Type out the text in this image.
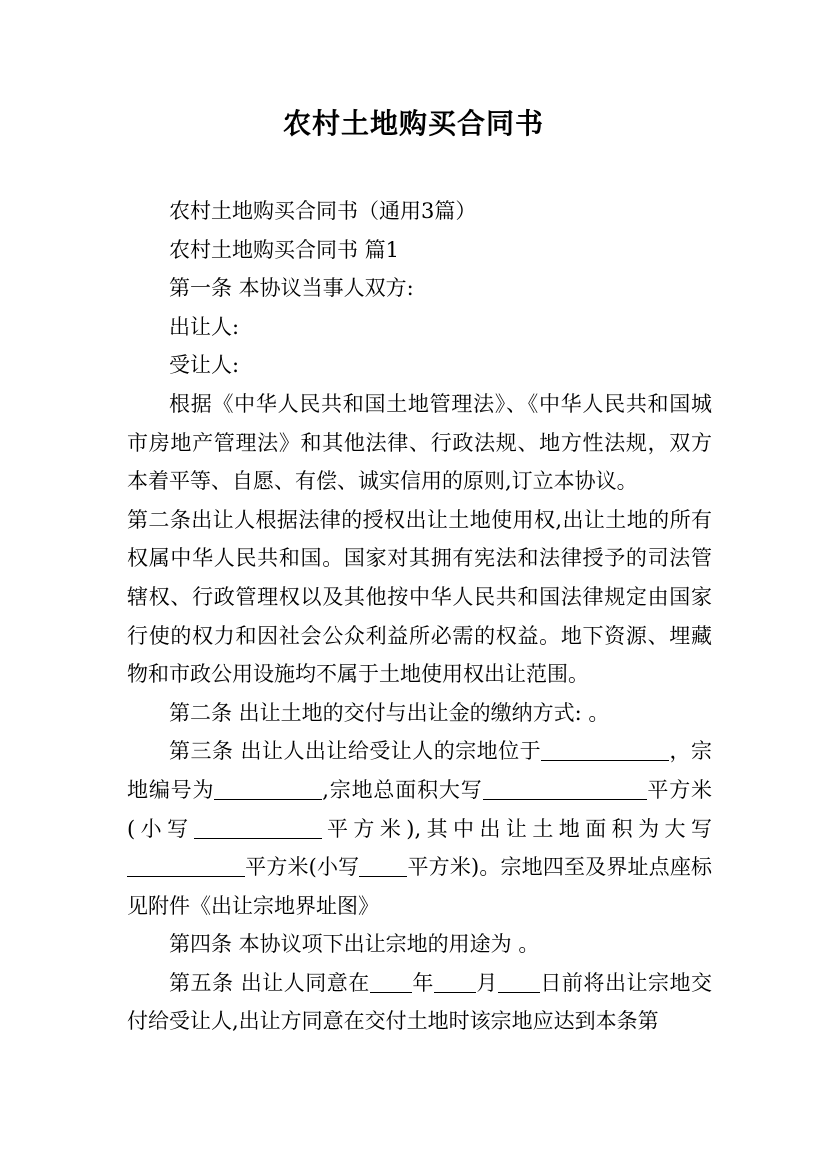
农村土地购买合同书

农村土地购买合同书（通用3篇）

农村土地购买合同书 篇1

第一条 本协议当事人双方:

出让人:

受让人:

根据《中华人民共和国土地管理法》、《中华人民共和国城市房地产管理法》和其他法律、行政法规、地方性法规，双方本着平等、自愿、有偿、诚实信用的原则,订立本协议。

第二条出让人根据法律的授权出让土地使用权,出让土地的所有权属中华人民共和国。国家对其拥有宪法和法律授予的司法管辖权、行政管理权以及其他按中华人民共和国法律规定由国家行使的权力和因社会公众利益所必需的权益。地下资源、埋藏物和市政公用设施均不属于土地使用权出让范围。

第二条 出让土地的交付与出让金的缴纳方式: 。

第三条 出让人出让给受让人的宗地位于	，宗地编号为	,宗地总面积大写	平方米(小写	平方米),其中出让土地面积为大写平方米(小写 平方米)。宗地四至及界址点座标见附件《出让宗地界址图》

第四条 本协议项下出让宗地的用途为 。

第五条 出让人同意在 年 月 日前将出让宗地交付给受让人,出让方同意在交付土地时该宗地应达到本条第
